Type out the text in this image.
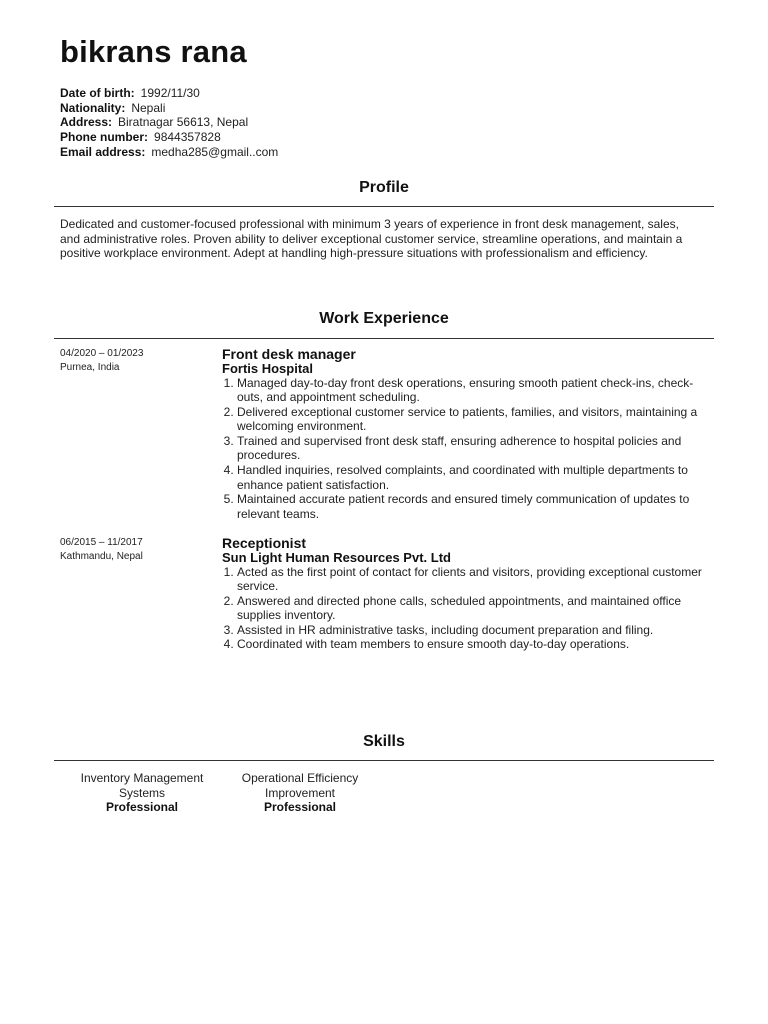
bikrans rana
Date of birth: 1992/11/30
Nationality: Nepali
Address: Biratnagar 56613, Nepal
Phone number: 9844357828
Email address: medha285@gmail..com
Profile
Dedicated and customer-focused professional with minimum 3 years of experience in front desk management, sales, and administrative roles. Proven ability to deliver exceptional customer service, streamline operations, and maintain a positive workplace environment. Adept at handling high-pressure situations with professionalism and efficiency.
Work Experience
04/2020 – 01/2023
Purnea, India
Front desk manager
Fortis Hospital
1. Managed day-to-day front desk operations, ensuring smooth patient check-ins, check-outs, and appointment scheduling.
2. Delivered exceptional customer service to patients, families, and visitors, maintaining a welcoming environment.
3. Trained and supervised front desk staff, ensuring adherence to hospital policies and procedures.
4. Handled inquiries, resolved complaints, and coordinated with multiple departments to enhance patient satisfaction.
5. Maintained accurate patient records and ensured timely communication of updates to relevant teams.
06/2015 – 11/2017
Kathmandu, Nepal
Receptionist
Sun Light Human Resources Pvt. Ltd
1. Acted as the first point of contact for clients and visitors, providing exceptional customer service.
2. Answered and directed phone calls, scheduled appointments, and maintained office supplies inventory.
3. Assisted in HR administrative tasks, including document preparation and filing.
4. Coordinated with team members to ensure smooth day-to-day operations.
Skills
Inventory Management
Systems
Professional
Operational Efficiency
Improvement
Professional
